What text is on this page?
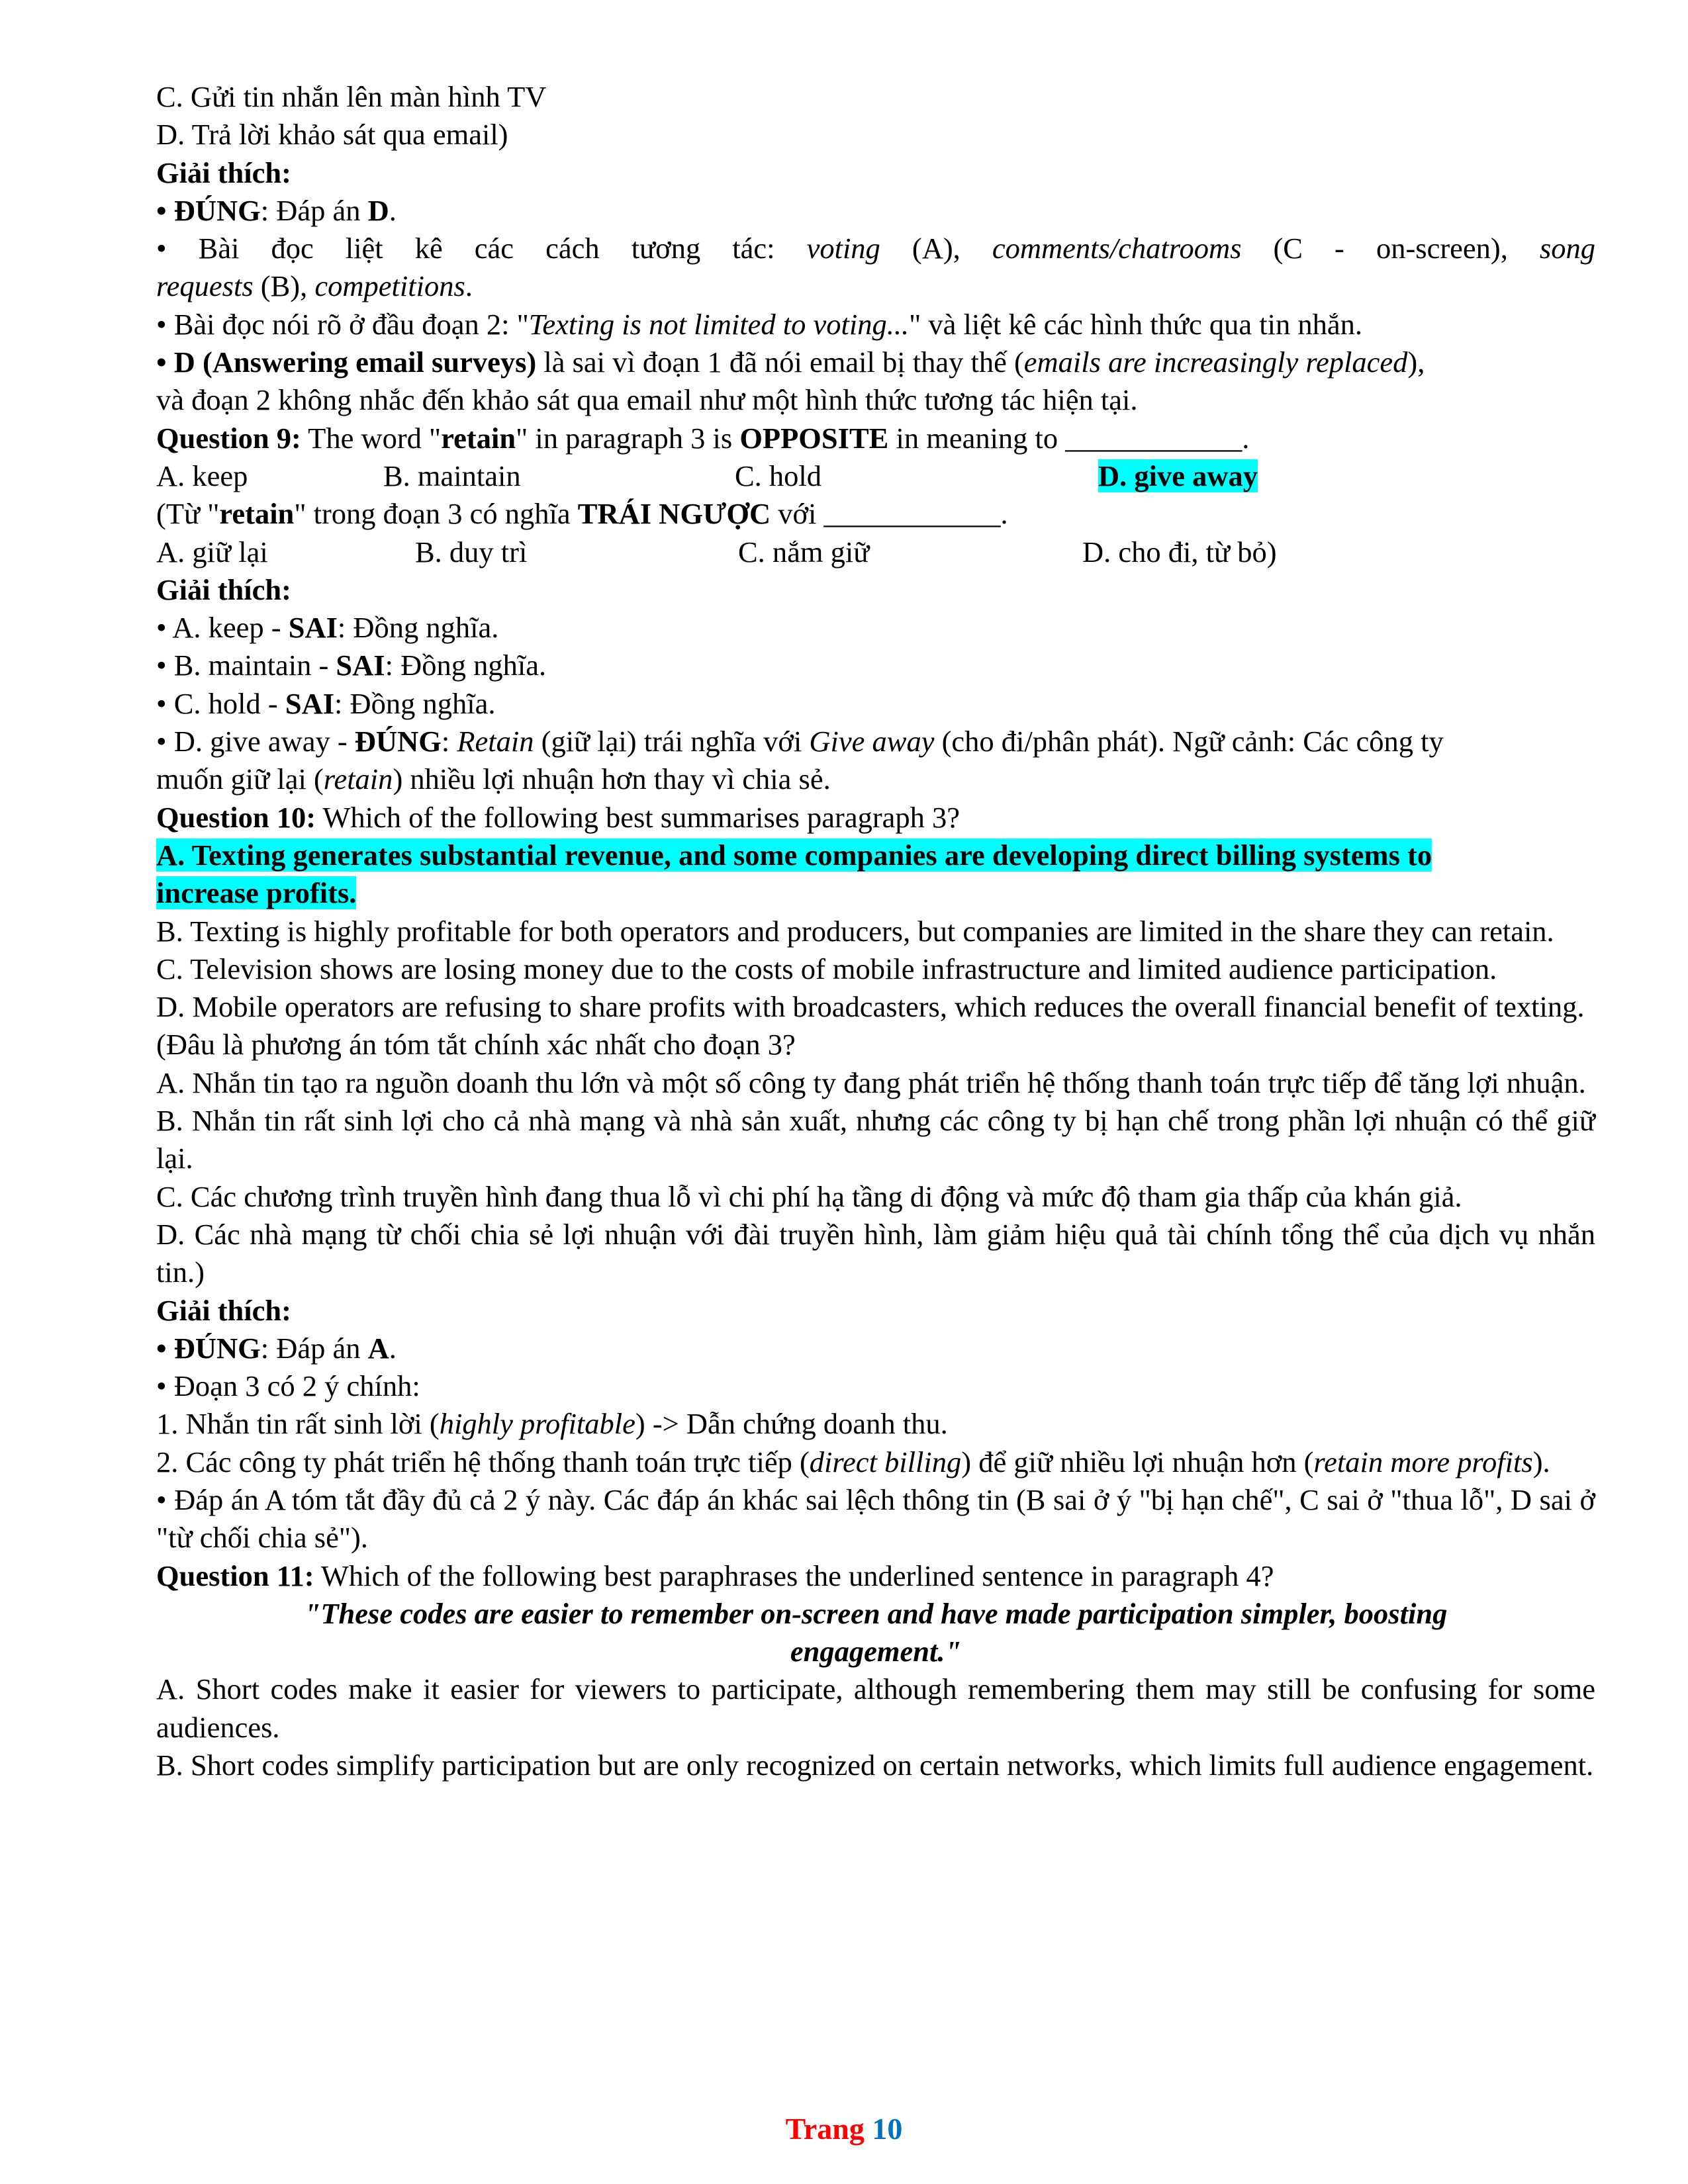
C. Gửi tin nhắn lên màn hình TV

D. Trả lời khảo sát qua email)

Giải thích:

• ĐÚNG: Đáp án D.

• Bài đọc liệt kê các cách tương tác: voting (A), comments/chatrooms (C - on-screen), song

requests (B), competitions.

• Bài đọc nói rõ ở đầu đoạn 2: "Texting is not limited to voting..." và liệt kê các hình thức qua tin nhắn.

• D (Answering email surveys) là sai vì đoạn 1 đã nói email bị thay thế (emails are increasingly replaced),

và đoạn 2 không nhắc đến khảo sát qua email như một hình thức tương tác hiện tại.

Question 9: The word "retain" in paragraph 3 is OPPOSITE in meaning to ____________.

A. keep	B. maintain	C. hold	D. give away

(Từ "retain" trong đoạn 3 có nghĩa TRÁI NGƯỢC với ____________.

A. giữ lại	B. duy trì	C. nắm giữ	D. cho đi, từ bỏ)

Giải thích:

• A. keep - SAI: Đồng nghĩa.

• B. maintain - SAI: Đồng nghĩa.

• C. hold - SAI: Đồng nghĩa.

• D. give away - ĐÚNG: Retain (giữ lại) trái nghĩa với Give away (cho đi/phân phát). Ngữ cảnh: Các công ty

muốn giữ lại (retain) nhiều lợi nhuận hơn thay vì chia sẻ.

Question 10: Which of the following best summarises paragraph 3?

A. Texting generates substantial revenue, and some companies are developing direct billing systems to

increase profits.

B. Texting is highly profitable for both operators and producers, but companies are limited in the share they can retain.

C. Television shows are losing money due to the costs of mobile infrastructure and limited audience participation.

D. Mobile operators are refusing to share profits with broadcasters, which reduces the overall financial benefit of texting.

(Đâu là phương án tóm tắt chính xác nhất cho đoạn 3?

A. Nhắn tin tạo ra nguồn doanh thu lớn và một số công ty đang phát triển hệ thống thanh toán trực tiếp để tăng lợi nhuận.

B. Nhắn tin rất sinh lợi cho cả nhà mạng và nhà sản xuất, nhưng các công ty bị hạn chế trong phần lợi nhuận có thể giữ lại.

C. Các chương trình truyền hình đang thua lỗ vì chi phí hạ tầng di động và mức độ tham gia thấp của khán giả.

D. Các nhà mạng từ chối chia sẻ lợi nhuận với đài truyền hình, làm giảm hiệu quả tài chính tổng thể của dịch vụ nhắn tin.)

Giải thích:

• ĐÚNG: Đáp án A.

• Đoạn 3 có 2 ý chính:

1. Nhắn tin rất sinh lời (highly profitable) -> Dẫn chứng doanh thu.

2. Các công ty phát triển hệ thống thanh toán trực tiếp (direct billing) để giữ nhiều lợi nhuận hơn (retain more profits).

• Đáp án A tóm tắt đầy đủ cả 2 ý này. Các đáp án khác sai lệch thông tin (B sai ở ý "bị hạn chế", C sai ở "thua lỗ", D sai ở "từ chối chia sẻ").

Question 11: Which of the following best paraphrases the underlined sentence in paragraph 4?

"These codes are easier to remember on-screen and have made participation simpler, boosting engagement."

A. Short codes make it easier for viewers to participate, although remembering them may still be confusing for some audiences.

B. Short codes simplify participation but are only recognized on certain networks, which limits full audience engagement.

Trang 10
